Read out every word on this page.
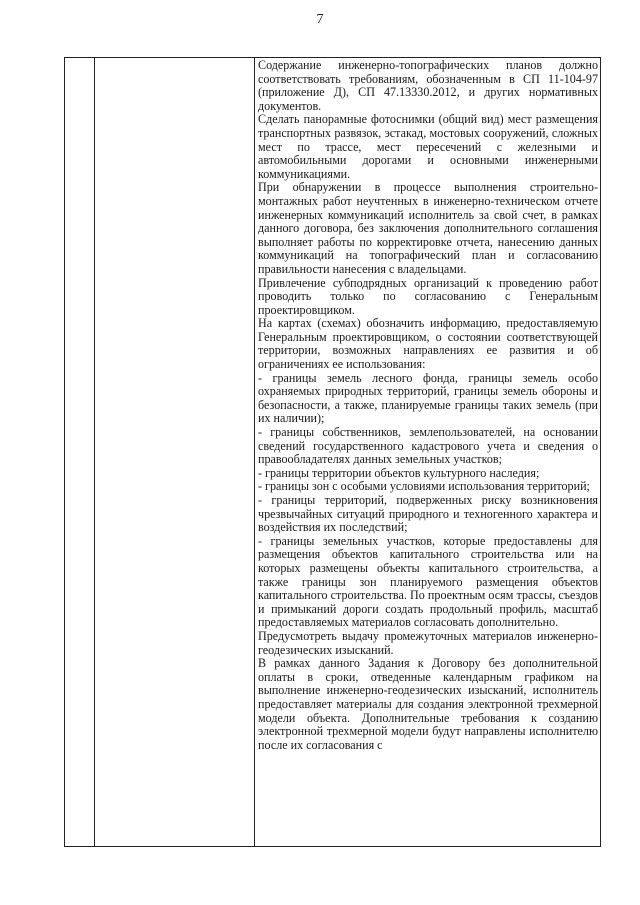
7

Содержание инженерно-топографических планов должно соответствовать требованиям, обозначенным в СП 11-104-97 (приложение Д), СП 47.13330.2012, и других нормативных документов.

Сделать панорамные фотоснимки (общий вид) мест размещения транспортных развязок, эстакад, мостовых сооружений, сложных мест по трассе, мест пересечений с железными и автомобильными дорогами и основными инженерными коммуникациями.

При обнаружении в процессе выполнения строительно-монтажных работ неучтенных в инженерно-техническом отчете инженерных коммуникаций исполнитель за свой счет, в рамках данного договора, без заключения дополнительного соглашения выполняет работы по корректировке отчета, нанесению данных коммуникаций на топографический план и согласованию правильности нанесения с владельцами.

Привлечение субподрядных организаций к проведению работ проводить только по согласованию с Генеральным проектировщиком.

На картах (схемах) обозначить информацию, предоставляемую Генеральным проектировщиком, о состоянии соответствующей территории, возможных направлениях ее развития и об ограничениях ее использования:

- границы земель лесного фонда, границы земель особо охраняемых природных территорий, границы земель обороны и безопасности, а также, планируемые границы таких земель (при их наличии);

- границы собственников, землепользователей, на основании сведений государственного кадастрового учета и сведения о правообладателях данных земельных участков;

- границы территории объектов культурного наследия;

- границы зон с особыми условиями использования территорий;

- границы территорий, подверженных риску возникновения чрезвычайных ситуаций природного и техногенного характера и воздействия их последствий;

- границы земельных участков, которые предоставлены для размещения объектов капитального строительства или на которых размещены объекты капитального строительства, а также границы зон планируемого размещения объектов капитального строительства. По проектным осям трассы, съездов и примыканий дороги создать продольный профиль, масштаб предоставляемых материалов согласовать дополнительно.

Предусмотреть выдачу промежуточных материалов инженерно-геодезических изысканий.

В рамках данного Задания к Договору без дополнительной оплаты в сроки, отведенные календарным графиком на выполнение инженерно-геодезических изысканий, исполнитель предоставляет материалы для создания электронной трехмерной модели объекта. Дополнительные требования к созданию электронной трехмерной модели будут направлены исполнителю после их согласования с
